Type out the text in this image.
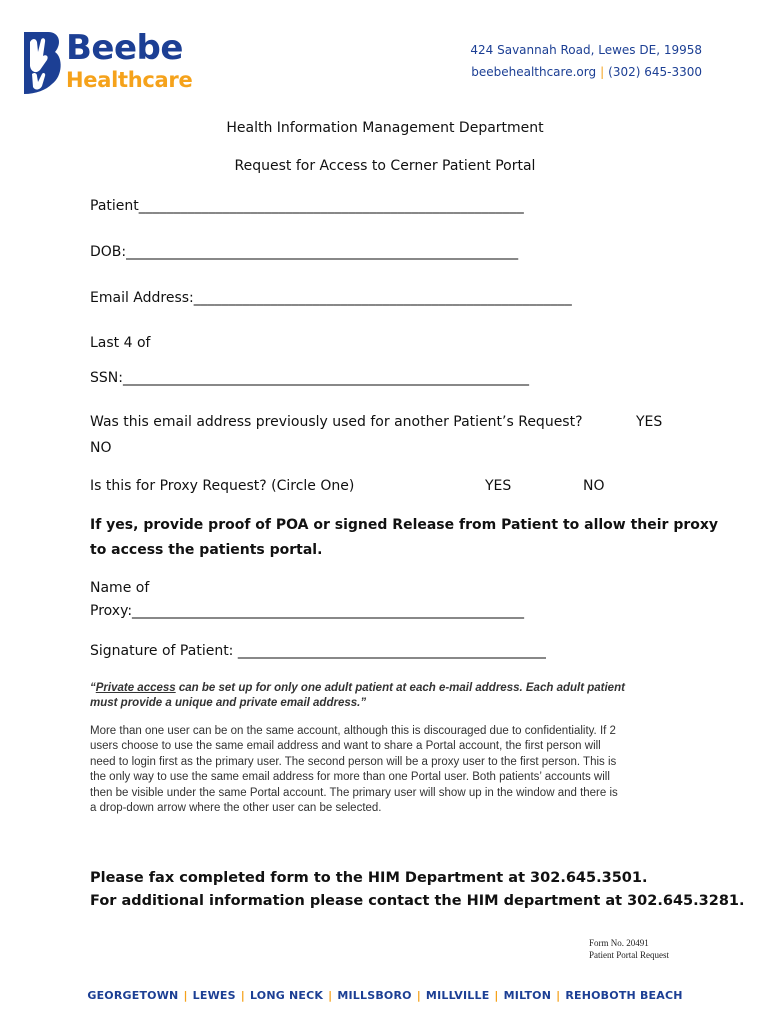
Beebe
Healthcare
424 Savannah Road, Lewes DE, 19958
beebehealthcare.org | (302) 645-3300
Health Information Management Department
Request for Access to Cerner Patient Portal
Patient_______________________________________________________
DOB:________________________________________________________
Email Address:______________________________________________________
Last 4 of
SSN:__________________________________________________________
Was this email address previously used for another Patient’s Request?	YES
NO
Is this for Proxy Request? (Circle One)	YES	NO
If yes, provide proof of POA or signed Release from Patient to allow their proxy
to access the patients portal.
Name of
Proxy:________________________________________________________
Signature of Patient: ____________________________________________
“Private access can be set up for only one adult patient at each e-mail address. Each adult patient
must provide a unique and private email address.”
More than one user can be on the same account, although this is discouraged due to confidentiality. If 2
users choose to use the same email address and want to share a Portal account, the first person will
need to login first as the primary user. The second person will be a proxy user to the first person. This is
the only way to use the same email address for more than one Portal user. Both patients’ accounts will
then be visible under the same Portal account. The primary user will show up in the window and there is
a drop-down arrow where the other user can be selected.
Please fax completed form to the HIM Department at 302.645.3501.
For additional information please contact the HIM department at 302.645.3281.
Form No. 20491
Patient Portal Request
GEORGETOWN | LEWES | LONG NECK | MILLSBORO | MILLVILLE | MILTON | REHOBOTH BEACH
